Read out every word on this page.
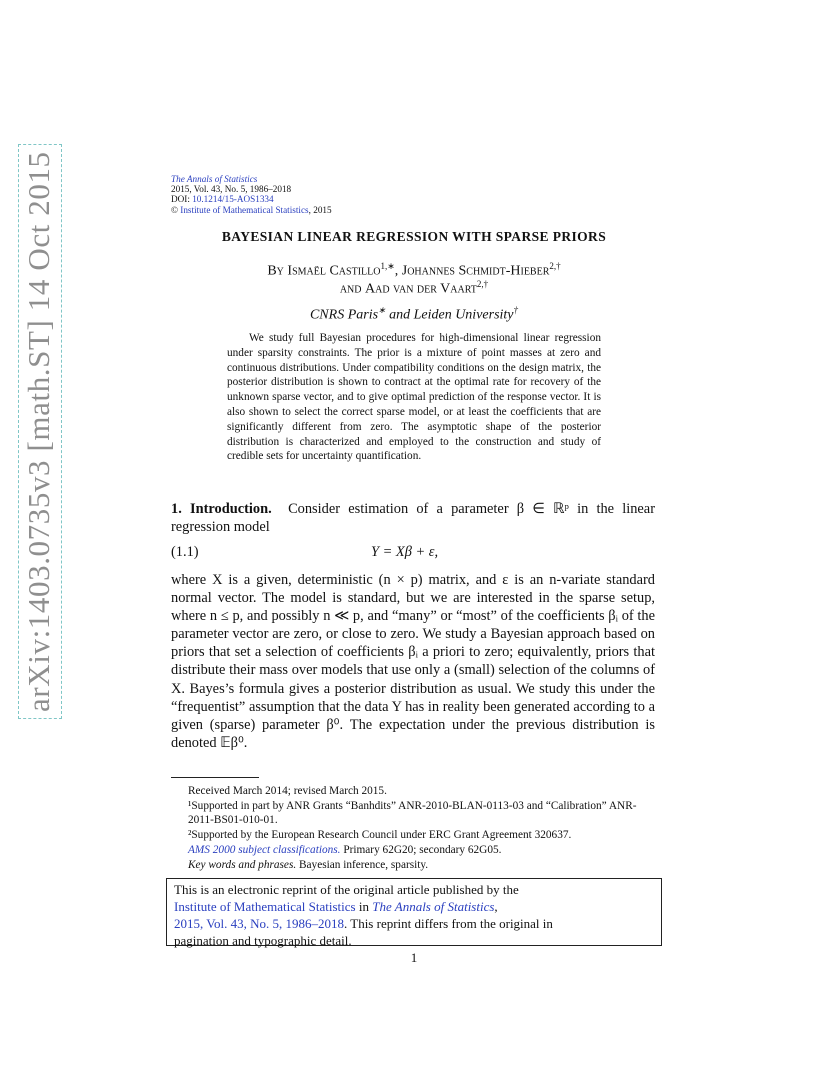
arXiv:1403.0735v3 [math.ST] 14 Oct 2015	The Annals of Statistics
2015, Vol. 43, No. 5, 1986–2018
DOI: 10.1214/15-AOS1334
© Institute of Mathematical Statistics, 2015
BAYESIAN LINEAR REGRESSION WITH SPARSE PRIORS
By Ismaël Castillo$^{1,∗}$, Johannes Schmidt-Hieber$^{2,\dagger}$
and Aad van der Vaart$^{2,\dagger}$
CNRS Paris∗ and Leiden University†
We study full Bayesian procedures for high-dimensional linear regression under sparsity constraints. The prior is a mixture of point masses at zero and continuous distributions. Under compatibility conditions on the design matrix, the posterior distribution is shown to contract at the optimal rate for recovery of the unknown sparse vector, and to give optimal prediction of the response vector. It is also shown to select the correct sparse model, or at least the coefficients that are significantly different from zero. The asymptotic shape of the posterior distribution is characterized and employed to the construction and study of credible sets for uncertainty quantification.
1. Introduction. Consider estimation of a parameter β ∈ ℝᵖ in the linear regression model
(1.1)	Y = Xβ + ε,
where X is a given, deterministic (n × p) matrix, and ε is an n-variate standard normal vector. The model is standard, but we are interested in the sparse setup, where n ≤ p, and possibly n ≪ p, and “many” or “most” of the coefficients βᵢ of the parameter vector are zero, or close to zero. We study a Bayesian approach based on priors that set a selection of coefficients βᵢ a priori to zero; equivalently, priors that distribute their mass over models that use only a (small) selection of the columns of X. Bayes’s formula gives a posterior distribution as usual. We study this under the “frequentist” assumption that the data Y has in reality been generated according to a given (sparse) parameter β⁰. The expectation under the previous distribution is denoted 𝔼β⁰.
Received March 2014; revised March 2015.
¹Supported in part by ANR Grants “Banhdits” ANR-2010-BLAN-0113-03 and “Calibration” ANR-2011-BS01-010-01.
²Supported by the European Research Council under ERC Grant Agreement 320637.
AMS 2000 subject classifications. Primary 62G20; secondary 62G05.
Key words and phrases. Bayesian inference, sparsity.
This is an electronic reprint of the original article published by the
Institute of Mathematical Statistics in The Annals of Statistics,
2015, Vol. 43, No. 5, 1986–2018. This reprint differs from the original in
pagination and typographic detail.
1
